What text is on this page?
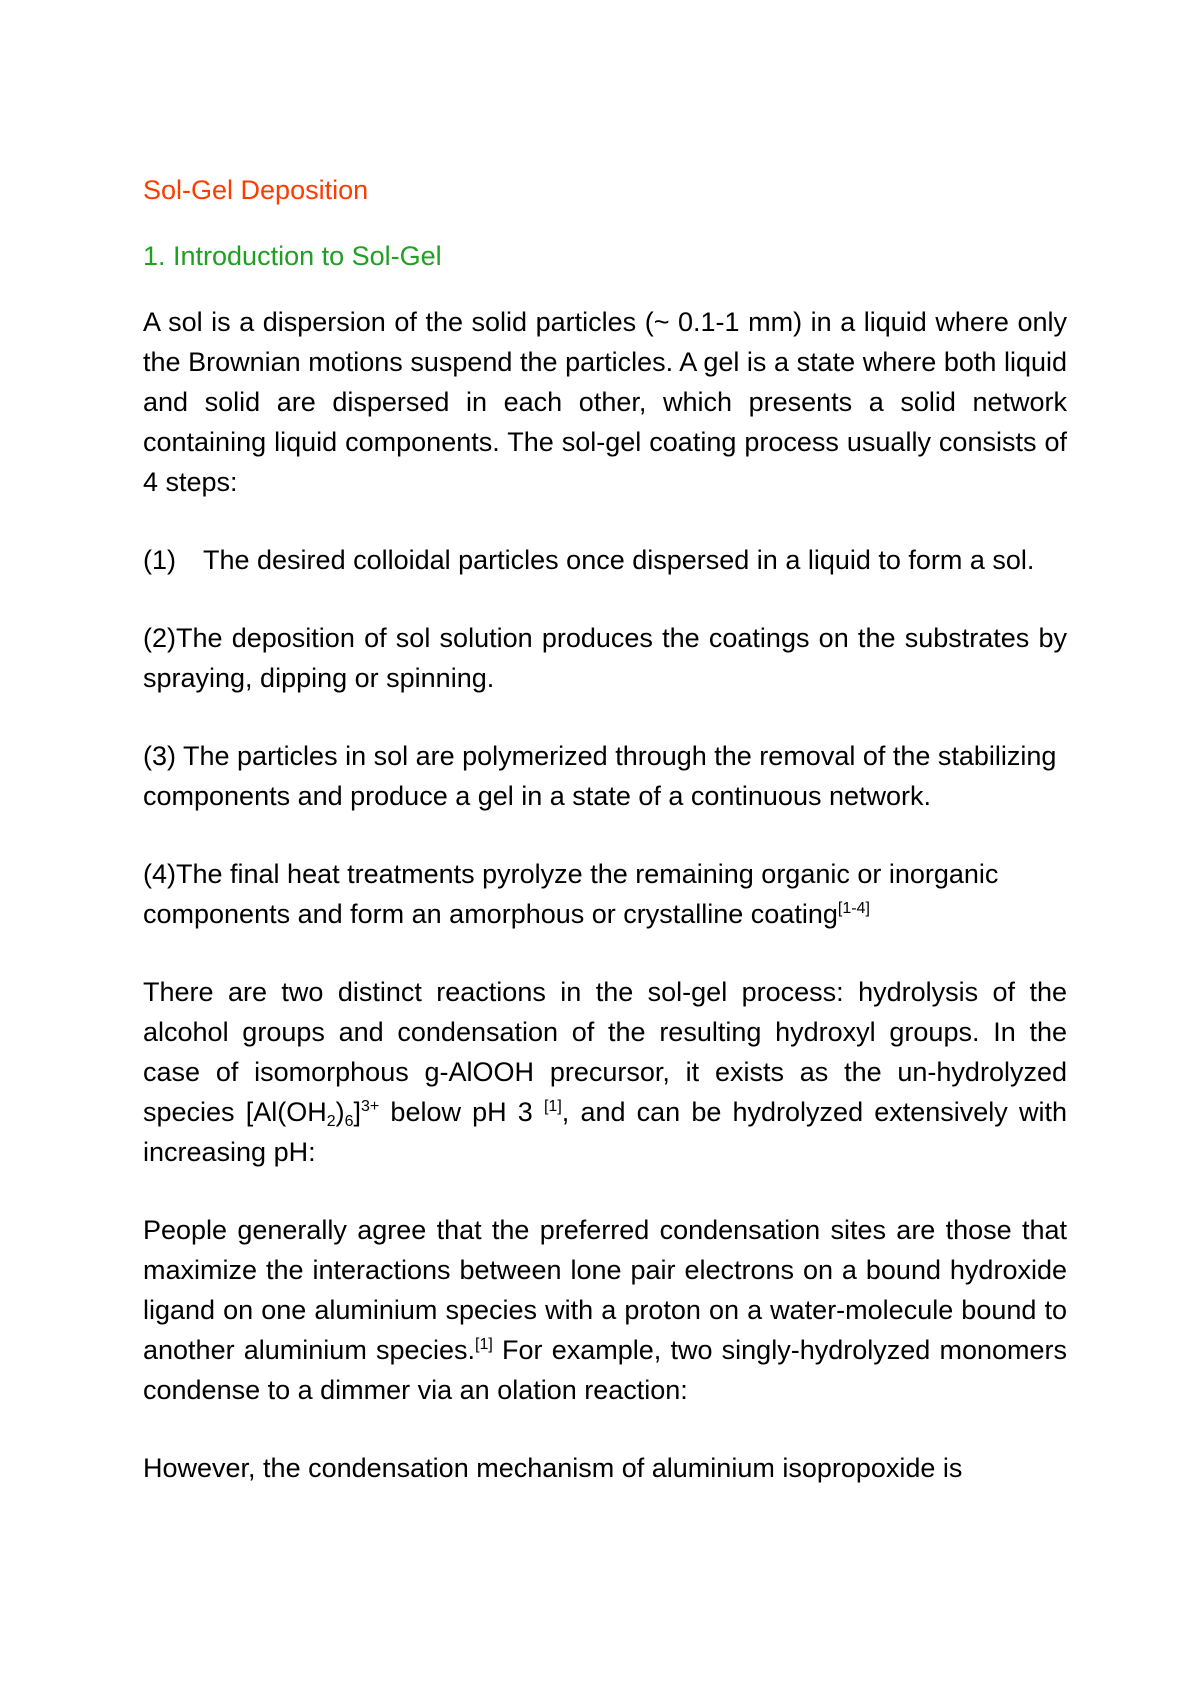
Sol-Gel Deposition
1. Introduction to Sol-Gel

A sol is a dispersion of the solid particles (~ 0.1-1 mm) in a liquid where only the Brownian motions suspend the particles. A gel is a state where both liquid and solid are dispersed in each other, which presents a solid network containing liquid components. The sol-gel coating process usually consists of 4 steps:

(1) The desired colloidal particles once dispersed in a liquid to form a sol.

(2)The deposition of sol solution produces the coatings on the substrates by spraying, dipping or spinning.

(3) The particles in sol are polymerized through the removal of the stabilizing components and produce a gel in a state of a continuous network.

(4)The final heat treatments pyrolyze the remaining organic or inorganic components and form an amorphous or crystalline coating[1-4]

There are two distinct reactions in the sol-gel process: hydrolysis of the alcohol groups and condensation of the resulting hydroxyl groups. In the case of isomorphous g-AlOOH precursor, it exists as the un-hydrolyzed species $[Al(OH_2)_6]^{3+}$ below pH 3 [1], and can be hydrolyzed extensively with increasing pH:

People generally agree that the preferred condensation sites are those that maximize the interactions between lone pair electrons on a bound hydroxide ligand on one aluminium species with a proton on a water-molecule bound to another aluminium species.[1] For example, two singly-hydrolyzed monomers condense to a dimmer via an olation reaction:

However, the condensation mechanism of aluminium isopropoxide is
